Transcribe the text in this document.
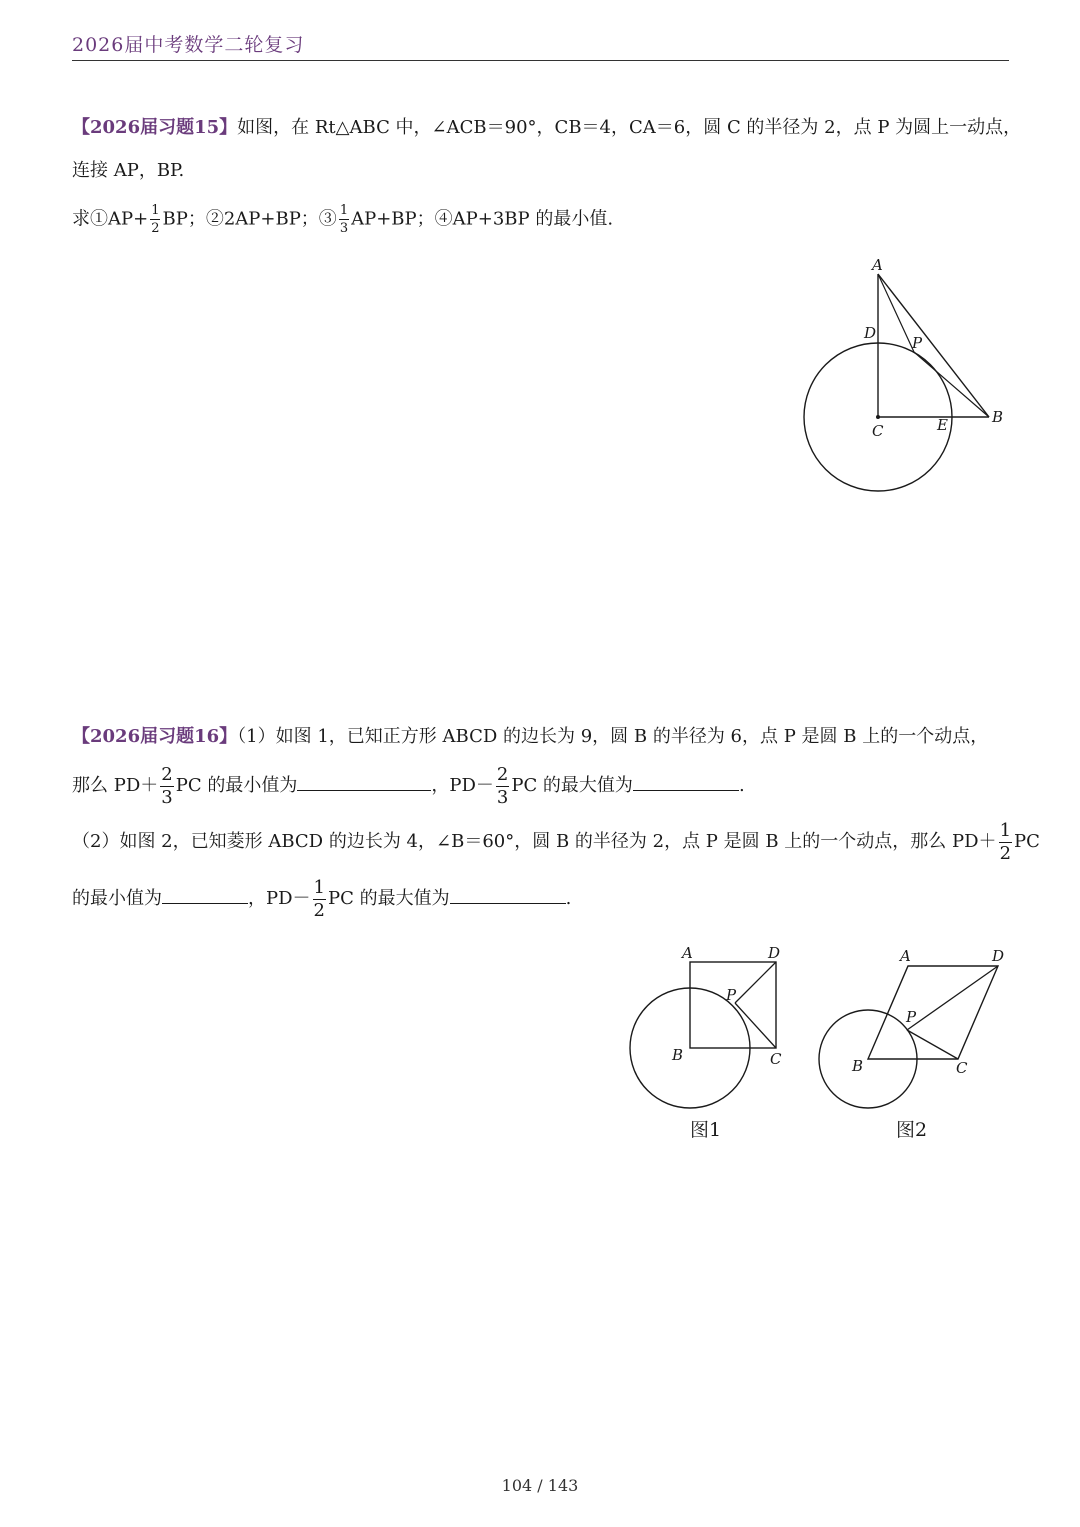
2026届中考数学二轮复习
【2026届习题15】如图，在 Rt△ABC 中，∠ACB＝90°，CB＝4，CA＝6，圆 C 的半径为 2，点 P 为圆上一动点，
连接 AP，BP.
求①AP+ $\frac{1}{2}$ BP；②2AP+BP；③ $\frac{1}{3} AP+BP$；④AP+3BP 的最小值.
A
B
C
D
E
P
【2026届习题16】（1）如图 1，已知正方形 ABCD 的边长为 9，圆 B 的半径为 6，点 P 是圆 B 上的一个动点，
那么 $PD+ \frac{2}{3}$ PC 的最小值为	，$PD- \frac{2}{3}$ PC 的最大值为	.
（2）如图 2，已知菱形 ABCD 的边长为 4，∠B＝60°，圆 B 的半径为 2，点 P 是圆 B 上的一个动点，那么 $PD+ \frac{1}{2}$ PC
的最小值为	，$PD- \frac{1}{2}$ PC 的最大值为	.
A	D
P
B	C
图1
A	D
P
B	C
图2
104 / 143
